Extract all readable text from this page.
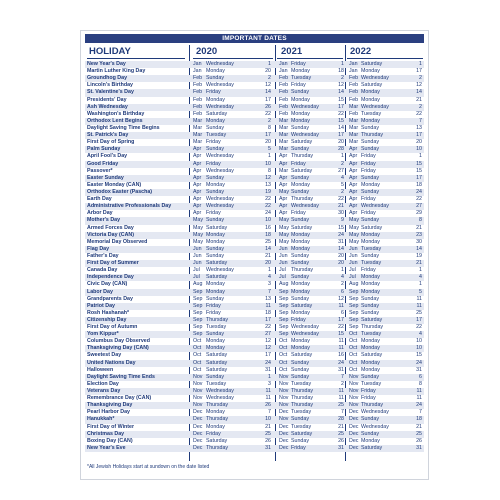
IMPORTANT DATES
HOLIDAY	2020	2021	2022
New Year's Day	Jan Wednesday	1 Jan Friday	1 Jan Saturday	1
Martin Luther King Day	Jan Monday	20 Jan Monday	18 Jan Monday	17
Groundhog Day	Feb Sunday	2 Feb Tuesday	2 Feb Wednesday	2
Lincoln's Birthday	Feb Wednesday	12 Feb Friday	12 Feb Saturday	12
St. Valentine's Day	Feb Friday	14 Feb Sunday	14 Feb Monday	14
Presidents' Day	Feb Monday	17 Feb Monday	15 Feb Monday	21
Ash Wednesday	Feb Wednesday	26 Feb Wednesday	17 Mar Wednesday	2
Washington's Birthday	Feb Saturday	22 Feb Monday	22 Feb Tuesday	22
Orthodox Lent Begins	Mar Monday	2 Mar Monday	15 Mar Monday	7
Daylight Saving Time Begins	Mar Sunday	8 Mar Sunday	14 Mar Sunday	13
St. Patrick's Day	Mar Tuesday	17 Mar Wednesday	17 Mar Thursday	17
First Day of Spring	Mar Friday	20 Mar Saturday	20 Mar Sunday	20
Palm Sunday	Apr Sunday	5 Mar Sunday	28 Apr Sunday	10
April Fool's Day	Apr Wednesday	1 Apr Thursday	1 Apr Friday	1
Good Friday	Apr Friday	10 Apr Friday	2 Apr Friday	15
Passover*	Apr Wednesday	8 Mar Saturday	27 Apr Friday	15
Easter Sunday	Apr Sunday	12 Apr Sunday	4 Apr Sunday	17
Easter Monday (CAN)	Apr Monday	13 Apr Monday	5 Apr Monday	18
Orthodox Easter (Pascha)	Apr Sunday	19 May Sunday	2 Apr Sunday	24
Earth Day	Apr Wednesday	22 Apr Thursday	22 Apr Friday	22
Administrative Professionals Day	Apr Wednesday	22 Apr Wednesday	21 Apr Wednesday	27
Arbor Day	Apr Friday	24 Apr Friday	30 Apr Friday	29
Mother's Day	May Sunday	10 May Sunday	9 May Sunday	8
Armed Forces Day	May Saturday	16 May Saturday	15 May Saturday	21
Victoria Day (CAN)	May Monday	18 May Monday	24 May Monday	23
Memorial Day Observed	May Monday	25 May Monday	31 May Monday	30
Flag Day	Jun Sunday	14 Jun Monday	14 Jun Tuesday	14
Father's Day	Jun Sunday	21 Jun Sunday	20 Jun Sunday	19
First Day of Summer	Jun Saturday	20 Jun Sunday	20 Jun Tuesday	21
Canada Day	Jul Wednesday	1 Jul Thursday	1 Jul Friday	1
Independence Day	Jul Saturday	4 Jul Sunday	4 Jul Monday	4
Civic Day (CAN)	Aug Monday	3 Aug Monday	2 Aug Monday	1
Labor Day	Sep Monday	7 Sep Monday	6 Sep Monday	5
Grandparents Day	Sep Sunday	13 Sep Sunday	12 Sep Sunday	11
Patriot Day	Sep Friday	11 Sep Saturday	11 Sep Sunday	11
Rosh Hashanah*	Sep Friday	18 Sep Monday	6 Sep Sunday	25
Citizenship Day	Sep Thursday	17 Sep Friday	17 Sep Saturday	17
First Day of Autumn	Sep Tuesday	22 Sep Wednesday	22 Sep Thursday	22
Yom Kippur*	Sep Sunday	27 Sep Wednesday	15 Oct Tuesday	4
Columbus Day Observed	Oct Monday	12 Oct Monday	11 Oct Monday	10
Thanksgiving Day (CAN)	Oct Monday	12 Oct Monday	11 Oct Monday	10
Sweetest Day	Oct Saturday	17 Oct Saturday	16 Oct Saturday	15
United Nations Day	Oct Saturday	24 Oct Sunday	24 Oct Monday	24
Halloween	Oct Saturday	31 Oct Sunday	31 Oct Monday	31
Daylight Saving Time Ends	Nov Sunday	1 Nov Sunday	7 Nov Sunday	6
Election Day	Nov Tuesday	3 Nov Tuesday	2 Nov Tuesday	8
Veterans Day	Nov Wednesday	11 Nov Thursday	11 Nov Friday	11
Remembrance Day (CAN)	Nov Wednesday	11 Nov Thursday	11 Nov Friday	11
Thanksgiving Day	Nov Thursday	26 Nov Thursday	25 Nov Thursday	24
Pearl Harbor Day	Dec Monday	7 Dec Tuesday	7 Dec Wednesday	7
Hanukkah*	Dec Thursday	10 Nov Sunday	28 Dec Sunday	18
First Day of Winter	Dec Monday	21 Dec Tuesday	21 Dec Wednesday	21
Christmas Day	Dec Friday	25 Dec Saturday	25 Dec Sunday	25
Boxing Day (CAN)	Dec Saturday	26 Dec Sunday	26 Dec Monday	26
New Year's Eve	Dec Thursday	31 Dec Friday	31 Dec Saturday	31
*All Jewish Holidays start at sundown on the date listed
